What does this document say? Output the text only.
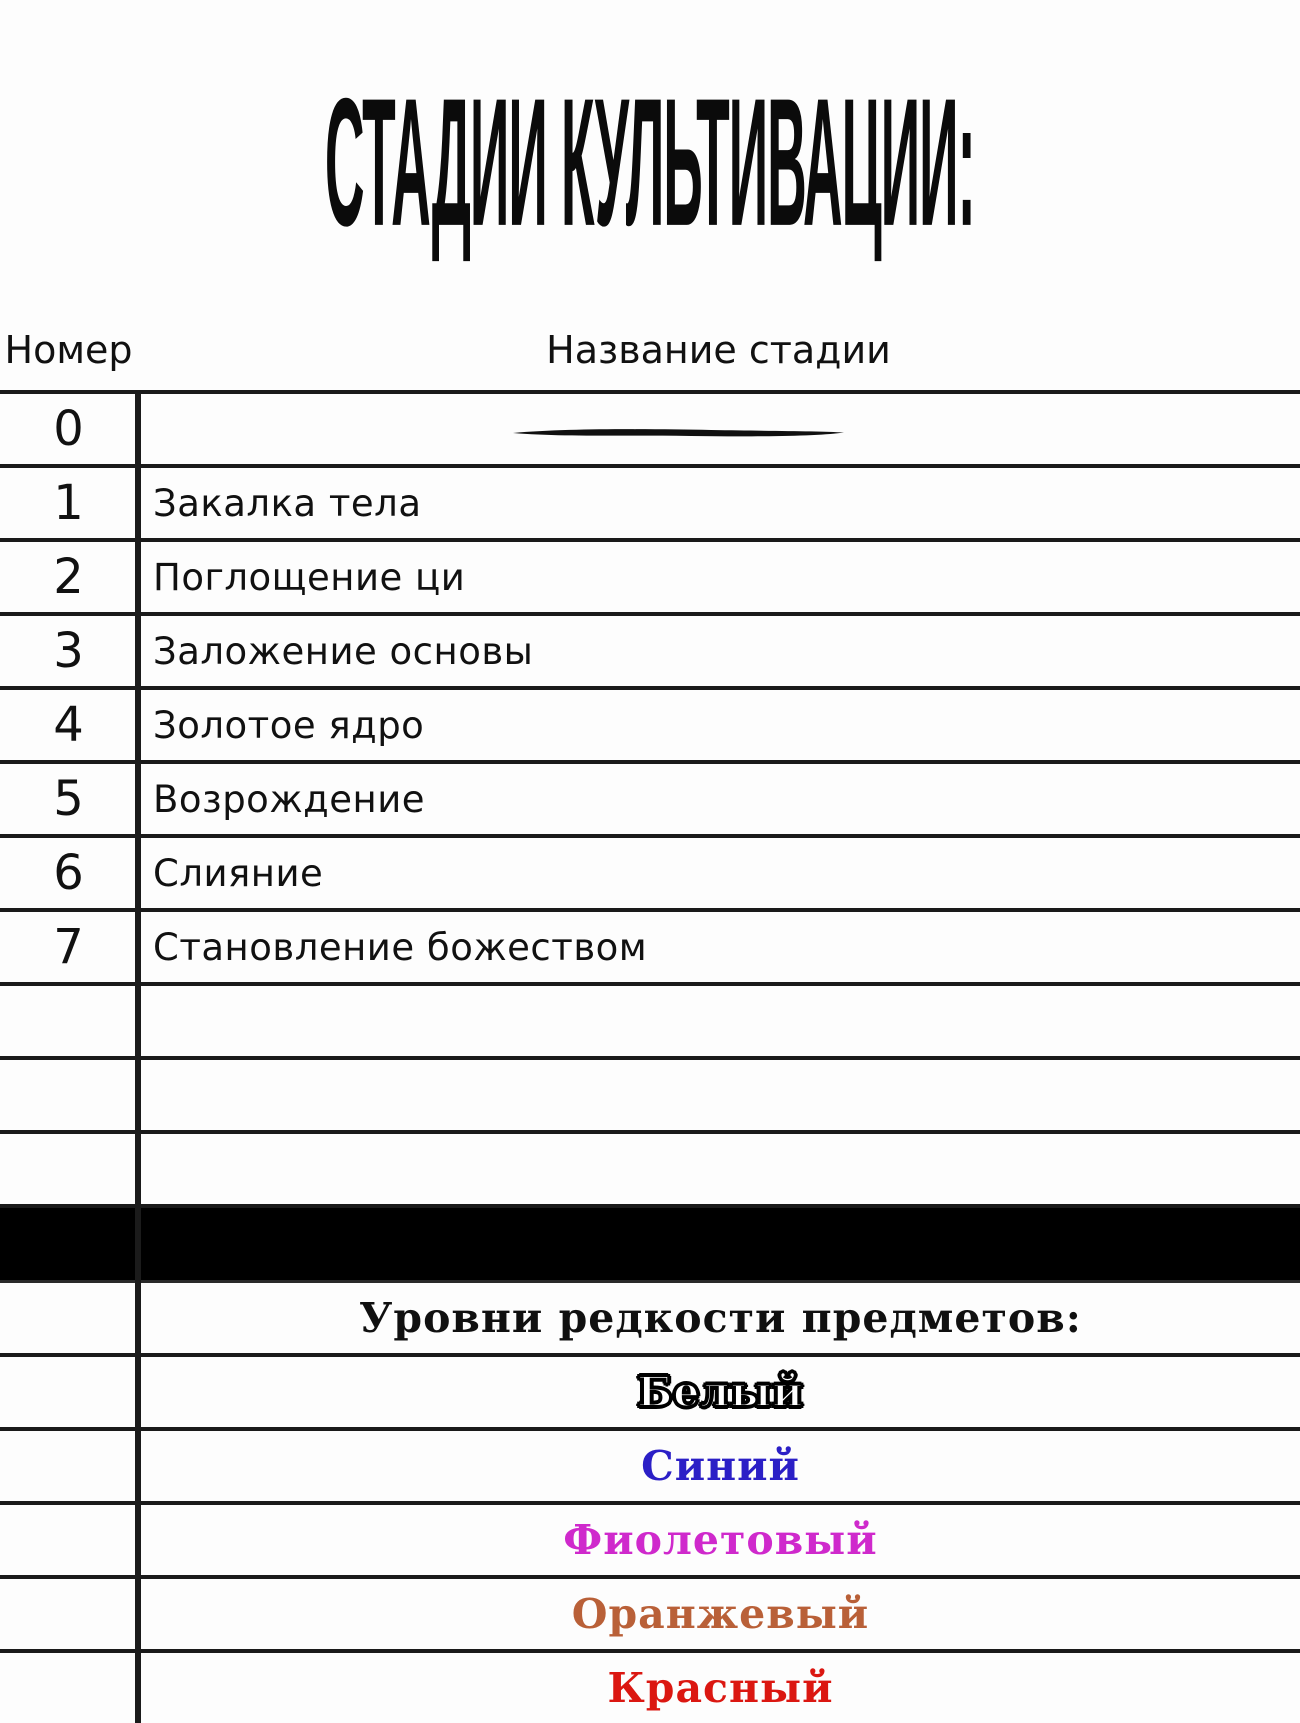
СТАДИИ КУЛЬТИВАЦИИ:
Номер	Название стадии
0
1	Закалка тела
2	Поглощение ци
3	Заложение основы
4	Золотое ядро
5	Возрождение
6	Слияние
7	Становление божеством
Уровни редкости предметов:
Белый
Синий
Фиолетовый
Оранжевый
Красный
